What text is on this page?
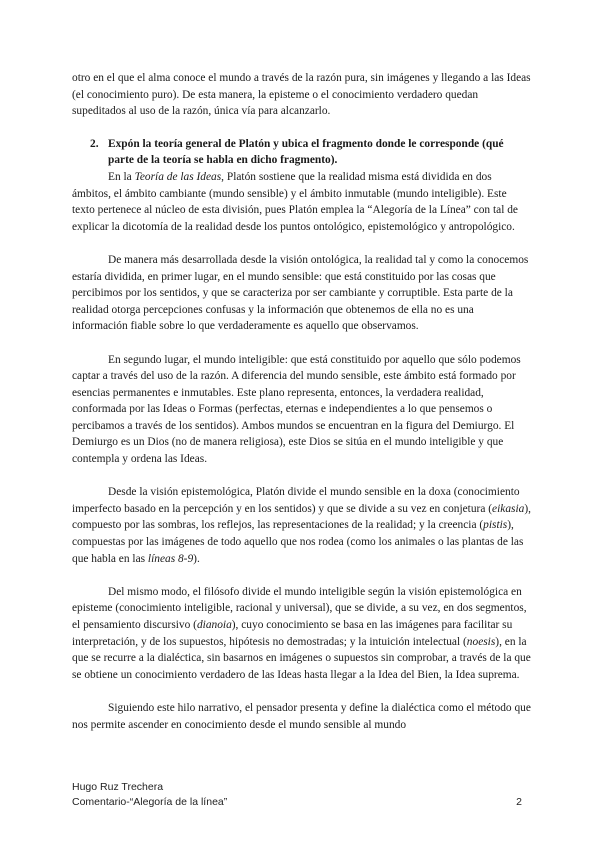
otro en el que el alma conoce el mundo a través de la razón pura, sin imágenes y llegando a las Ideas (el conocimiento puro). De esta manera, la episteme o el conocimiento verdadero quedan supeditados al uso de la razón, única vía para alcanzarlo.

2. Expón la teoría general de Platón y ubica el fragmento donde le corresponde (qué parte de la teoría se habla en dicho fragmento).

En la Teoría de las Ideas, Platón sostiene que la realidad misma está dividida en dos ámbitos, el ámbito cambiante (mundo sensible) y el ámbito inmutable (mundo inteligible). Este texto pertenece al núcleo de esta división, pues Platón emplea la “Alegoría de la Línea” con tal de explicar la dicotomía de la realidad desde los puntos ontológico, epistemológico y antropológico.

De manera más desarrollada desde la visión ontológica, la realidad tal y como la conocemos estaría dividida, en primer lugar, en el mundo sensible: que está constituido por las cosas que percibimos por los sentidos, y que se caracteriza por ser cambiante y corruptible. Esta parte de la realidad otorga percepciones confusas y la información que obtenemos de ella no es una información fiable sobre lo que verdaderamente es aquello que observamos.

En segundo lugar, el mundo inteligible: que está constituido por aquello que sólo podemos captar a través del uso de la razón. A diferencia del mundo sensible, este ámbito está formado por esencias permanentes e inmutables. Este plano representa, entonces, la verdadera realidad, conformada por las Ideas o Formas (perfectas, eternas e independientes a lo que pensemos o percibamos a través de los sentidos). Ambos mundos se encuentran en la figura del Demiurgo. El Demiurgo es un Dios (no de manera religiosa), este Dios se sitúa en el mundo inteligible y que contempla y ordena las Ideas.

Desde la visión epistemológica, Platón divide el mundo sensible en la doxa (conocimiento imperfecto basado en la percepción y en los sentidos) y que se divide a su vez en conjetura (eikasia), compuesto por las sombras, los reflejos, las representaciones de la realidad; y la creencia (pistis), compuestas por las imágenes de todo aquello que nos rodea (como los animales o las plantas de las que habla en las líneas 8-9).

Del mismo modo, el filósofo divide el mundo inteligible según la visión epistemológica en episteme (conocimiento inteligible, racional y universal), que se divide, a su vez, en dos segmentos, el pensamiento discursivo (dianoia), cuyo conocimiento se basa en las imágenes para facilitar su interpretación, y de los supuestos, hipótesis no demostradas; y la intuición intelectual (noesis), en la que se recurre a la dialéctica, sin basarnos en imágenes o supuestos sin comprobar, a través de la que se obtiene un conocimiento verdadero de las Ideas hasta llegar a la Idea del Bien, la Idea suprema.

Siguiendo este hilo narrativo, el pensador presenta y define la dialéctica como el método que nos permite ascender en conocimiento desde el mundo sensible al mundo

Hugo Ruz Trechera
Comentario-“Alegoría de la línea”	2
